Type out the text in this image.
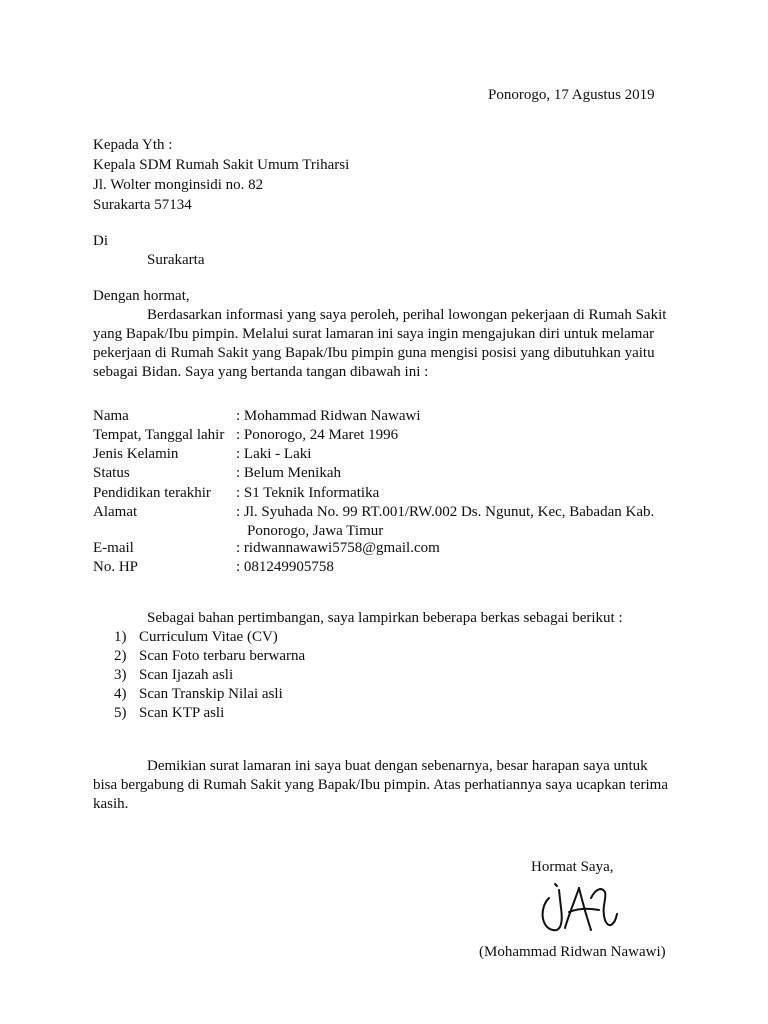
Ponorogo, 17 Agustus 2019
Kepada Yth :
Kepala SDM Rumah Sakit Umum Triharsi
Jl. Wolter monginsidi no. 82
Surakarta 57134
Di
Surakarta
Dengan hormat,
Berdasarkan informasi yang saya peroleh, perihal lowongan pekerjaan di Rumah Sakit
yang Bapak/Ibu pimpin. Melalui surat lamaran ini saya ingin mengajukan diri untuk melamar
pekerjaan di Rumah Sakit yang Bapak/Ibu pimpin guna mengisi posisi yang dibutuhkan yaitu
sebagai Bidan. Saya yang bertanda tangan dibawah ini :
Nama	: Mohammad Ridwan Nawawi
Tempat, Tanggal lahir : Ponorogo, 24 Maret 1996
Jenis Kelamin	: Laki - Laki
Status	: Belum Menikah
Pendidikan terakhir : S1 Teknik Informatika
Alamat	: Jl. Syuhada No. 99 RT.001/RW.002 Ds. Ngunut, Kec, Babadan Kab.
Ponorogo, Jawa Timur
E-mail	: ridwannawawi5758@gmail.com
No. HP	: 081249905758
Sebagai bahan pertimbangan, saya lampirkan beberapa berkas sebagai berikut :
1) Curriculum Vitae (CV)
2) Scan Foto terbaru berwarna
3) Scan Ijazah asli
4) Scan Transkip Nilai asli
5) Scan KTP asli
Demikian surat lamaran ini saya buat dengan sebenarnya, besar harapan saya untuk
bisa bergabung di Rumah Sakit yang Bapak/Ibu pimpin. Atas perhatiannya saya ucapkan terima
kasih.
Hormat Saya,
(Mohammad Ridwan Nawawi)
